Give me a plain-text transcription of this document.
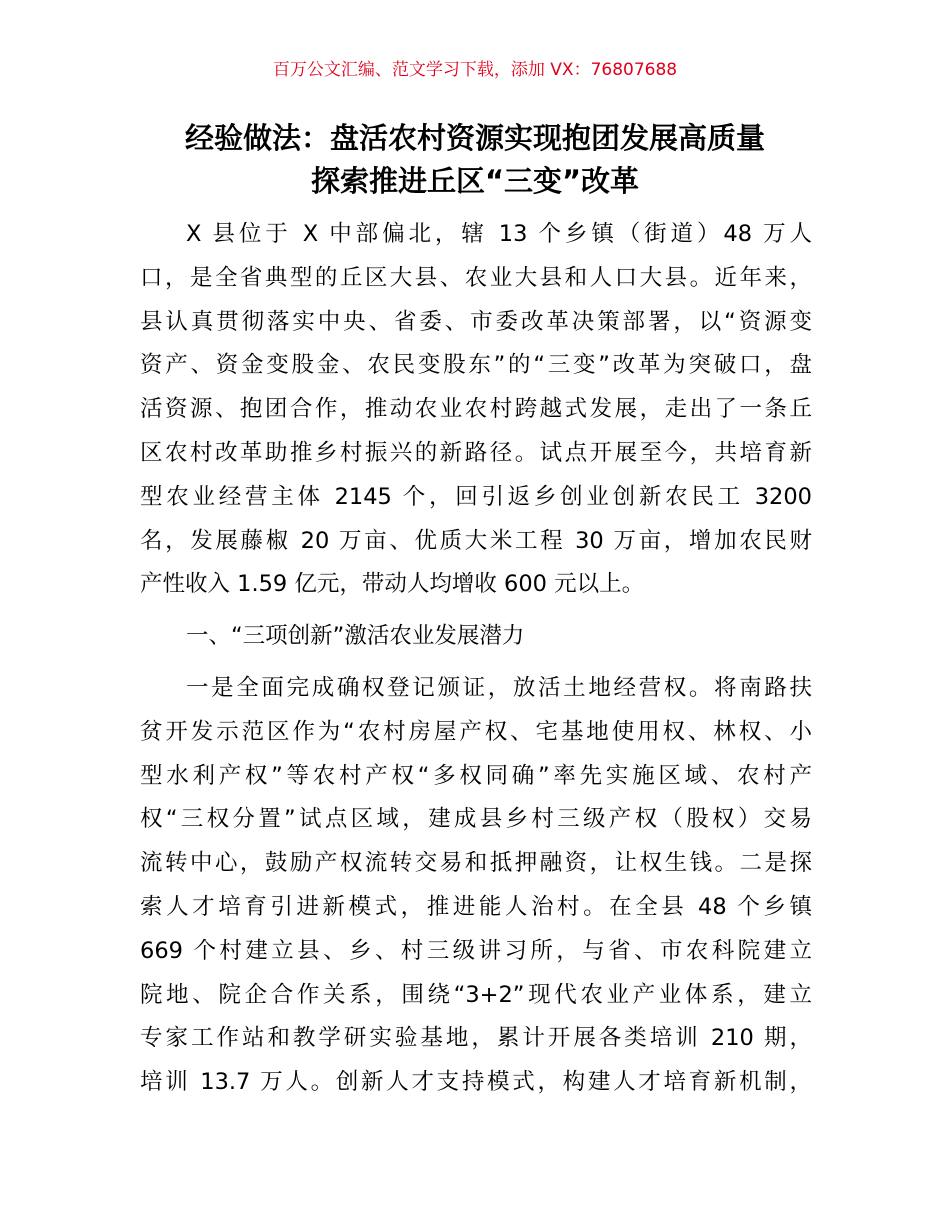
百万公文汇编、范文学习下载，添加 VX：76807688
经验做法：盘活农村资源实现抱团发展高质量
探索推进丘区“三变”改革
X 县位于 X 中部偏北，辖 13 个乡镇（街道）48 万人
口，是全省典型的丘区大县、农业大县和人口大县。近年来，
县认真贯彻落实中央、省委、市委改革决策部署，以“资源变
资产、资金变股金、农民变股东”的“三变”改革为突破口，盘
活资源、抱团合作，推动农业农村跨越式发展，走出了一条丘
区农村改革助推乡村振兴的新路径。试点开展至今，共培育新
型农业经营主体 2145 个，回引返乡创业创新农民工 3200
名，发展藤椒 20 万亩、优质大米工程 30 万亩，增加农民财
产性收入 1.59 亿元，带动人均增收 600 元以上。
一、“三项创新”激活农业发展潜力
一是全面完成确权登记颁证，放活土地经营权。将南路扶
贫开发示范区作为“农村房屋产权、宅基地使用权、林权、小
型水利产权”等农村产权“多权同确”率先实施区域、农村产
权“三权分置”试点区域，建成县乡村三级产权（股权）交易
流转中心，鼓励产权流转交易和抵押融资，让权生钱。二是探
索人才培育引进新模式，推进能人治村。在全县 48 个乡镇
669 个村建立县、乡、村三级讲习所，与省、市农科院建立
院地、院企合作关系，围绕“3+2”现代农业产业体系，建立
专家工作站和教学研实验基地，累计开展各类培训 210 期，
培训 13.7 万人。创新人才支持模式，构建人才培育新机制，
